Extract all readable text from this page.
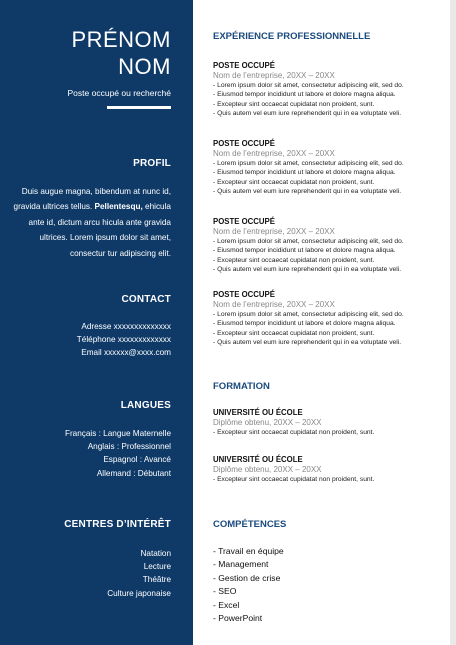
PRÉNOM
NOM
Poste occupé ou recherché
PROFIL
Duis augue magna, bibendum at nunc id, gravida ultrices tellus. Pellentesqu, ehicula ante id, dictum arcu hicula ante gravida ultrices. Lorem ipsum dolor sit amet, consectur tur adipiscing elit.
CONTACT
Adresse xxxxxxxxxxxxxx
Téléphone xxxxxxxxxxxxx
Email xxxxxx@xxxx.com
LANGUES
Français : Langue Maternelle
Anglais : Professionnel
Espagnol : Avancé
Allemand : Débutant
CENTRES D’INTÉRÊT
Natation
Lecture
Théâtre
Culture japonaise
EXPÉRIENCE PROFESSIONNELLE
POSTE OCCUPÉ
Nom de l’entreprise, 20XX – 20XX
- Lorem ipsum dolor sit amet, consectetur adipiscing elit, sed do.
- Eiusmod tempor incididunt ut labore et dolore magna aliqua.
- Excepteur sint occaecat cupidatat non proident, sunt.
- Quis autem vel eum iure reprehenderit qui in ea voluptate veli.
POSTE OCCUPÉ
Nom de l’entreprise, 20XX – 20XX
- Lorem ipsum dolor sit amet, consectetur adipiscing elit, sed do.
- Eiusmod tempor incididunt ut labore et dolore magna aliqua.
- Excepteur sint occaecat cupidatat non proident, sunt.
- Quis autem vel eum iure reprehenderit qui in ea voluptate veli.
POSTE OCCUPÉ
Nom de l’entreprise, 20XX – 20XX
- Lorem ipsum dolor sit amet, consectetur adipiscing elit, sed do.
- Eiusmod tempor incididunt ut labore et dolore magna aliqua.
- Excepteur sint occaecat cupidatat non proident, sunt.
- Quis autem vel eum iure reprehenderit qui in ea voluptate veli.
POSTE OCCUPÉ
Nom de l’entreprise, 20XX – 20XX
- Lorem ipsum dolor sit amet, consectetur adipiscing elit, sed do.
- Eiusmod tempor incididunt ut labore et dolore magna aliqua.
- Excepteur sint occaecat cupidatat non proident, sunt.
- Quis autem vel eum iure reprehenderit qui in ea voluptate veli.
FORMATION
UNIVERSITÉ OU ÉCOLE
Diplôme obtenu, 20XX – 20XX
- Excepteur sint occaecat cupidatat non proident, sunt.
UNIVERSITÉ OU ÉCOLE
Diplôme obtenu, 20XX – 20XX
- Excepteur sint occaecat cupidatat non proident, sunt.
COMPÉTENCES
- Travail en équipe
- Management
- Gestion de crise
- SEO
- Excel
- PowerPoint
